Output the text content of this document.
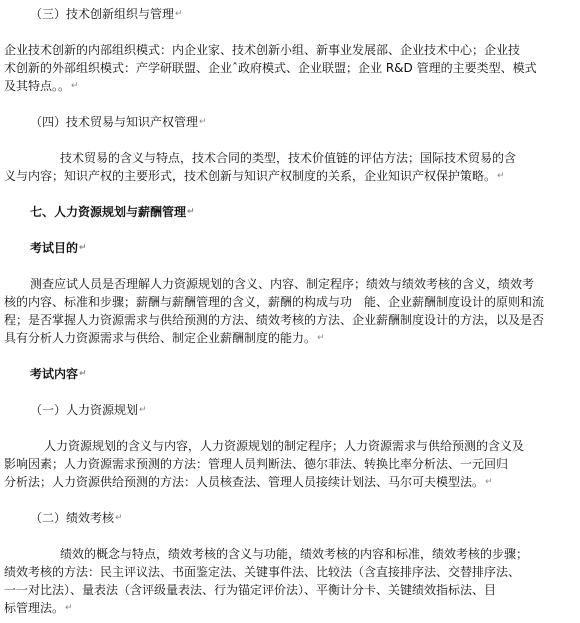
（三）技术创新组织与管理↵
企业技术创新的内部组织模式：内企业家、技术创新小组、新事业发展部、企业技术中心；企业技
术创新的外部组织模式：产学研联盟、企业ˆ政府模式、企业联盟；企业 R&D 管理的主要类型、模式
及其特点。。↵
（四）技术贸易与知识产权管理↵
技术贸易的含义与特点，技术合同的类型，技术价值链的评估方法；国际技术贸易的含
义与内容；知识产权的主要形式，技术创新与知识产权制度的关系，企业知识产权保护策略。↵
七、人力资源规划与薪酬管理↵
考试目的↵
测查应试人员是否理解人力资源规划的含义、内容、制定程序；绩效与绩效考核的含义，绩效考
核的内容、标准和步骤；薪酬与薪酬管理的含义，薪酬的构成与功　能、企业薪酬制度设计的原则和流
程；是否掌握人力资源需求与供给预测的方法、绩效考核的方法、企业薪酬制度设计的方法，以及是否
具有分析人力资源需求与供给、制定企业薪酬制度的能力。↵
考试内容↵
（一）人力资源规划↵
人力资源规划的含义与内容，人力资源规划的制定程序；人力资源需求与供给预测的含义及
影响因素；人力资源需求预测的方法：管理人员判断法、德尔菲法、转换比率分析法、一元回归
分析法；人力资源供给预测的方法：人员核查法、管理人员接续计划法、马尔可夫模型法。↵
（二）绩效考核↵
绩效的概念与特点，绩效考核的含义与功能，绩效考核的内容和标准，绩效考核的步骤；
绩效考核的方法：民主评议法、书面鉴定法、关键事件法、比较法（含直接排序法、交替排序法、
一一对比法）、量表法（含评级量表法、行为锚定评价法）、平衡计分卡、关键绩效指标法、目
标管理法。↵
